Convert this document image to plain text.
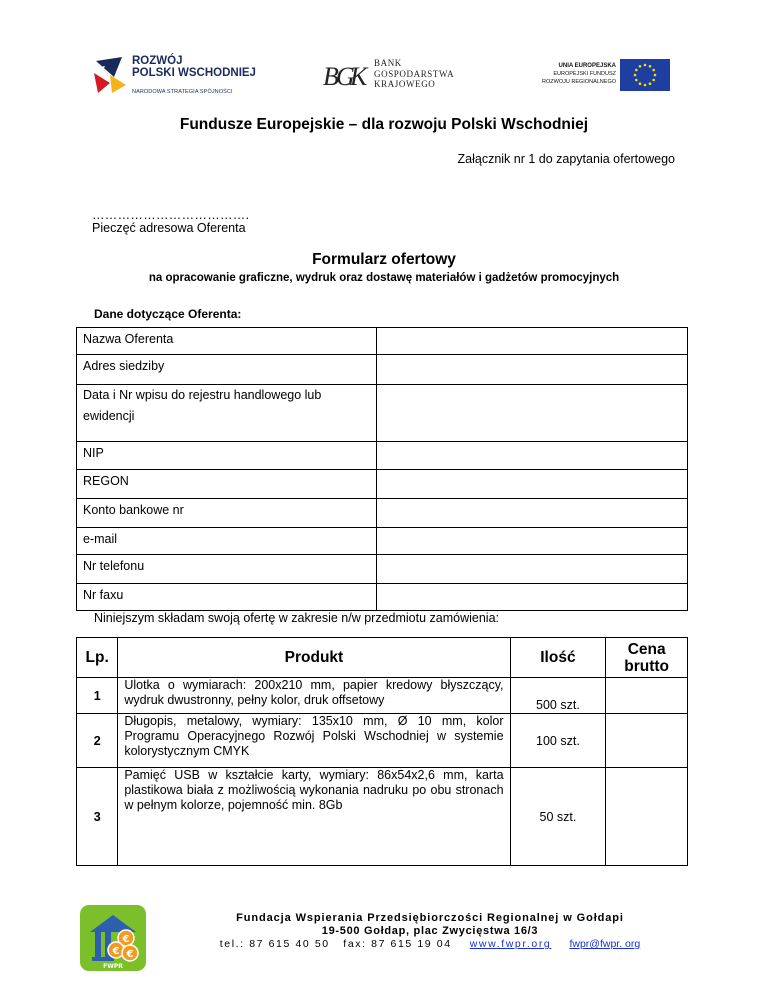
ROZWÓJ
POLSKI WSCHODNIEJ
NARODOWA STRATEGIA SPÓJNOŚCI
B
G
K BANK
GOSPODARSTWA
KRAJOWEGO
UNIA EUROPEJSKA
EUROPEJSKI FUNDUSZ
ROZWOJU REGIONALNEGO
Fundusze Europejskie – dla rozwoju Polski Wschodniej
Załącznik nr 1 do zapytania ofertowego
……………………………….
Pieczęć adresowa Oferenta
Formularz ofertowy
na opracowanie graficzne, wydruk oraz dostawę materiałów i gadżetów promocyjnych
Dane dotyczące Oferenta:
Nazwa Oferenta	
Adres siedziby	

Data i Nr wpisu do rejestru handlowego lub
ewidencji	

NIP	
REGON	
Konto bankowe nr	
e-mail	
Nr telefonu	
Nr faxu	
Niniejszym składam swoją ofertę w zakresie n/w przedmiotu zamówienia:
Lp.	Produkt	Ilość	Cena
brutto

1	Ulotka o wymiarach: 200x210 mm, papier kredowy błyszczący, wydruk dwustronny, pełny kolor, druk offsetowy	500 szt.	
2	Długopis, metalowy, wymiary: 135x10 mm, Ø 10 mm, kolor Programu Operacyjnego Rozwój Polski Wschodniej w systemie kolorystycznym CMYK	100 szt.	
3	Pamięć USB w kształcie karty, wymiary: 86x54x2,6 mm, karta plastikowa biała z możliwością wykonania nadruku po obu stronach w pełnym kolorze, pojemność min. 8Gb	50 szt.	
€
€ €
FWPR
Fundacja Wspierania Przedsiębiorczości Regionalnej w Gołdapi
19-500 Gołdap, plac Zwycięstwa 16/3
tel.: 87 615 40 50 fax: 87 615 19 04 www.fwpr.org fwpr@fwpr. org
